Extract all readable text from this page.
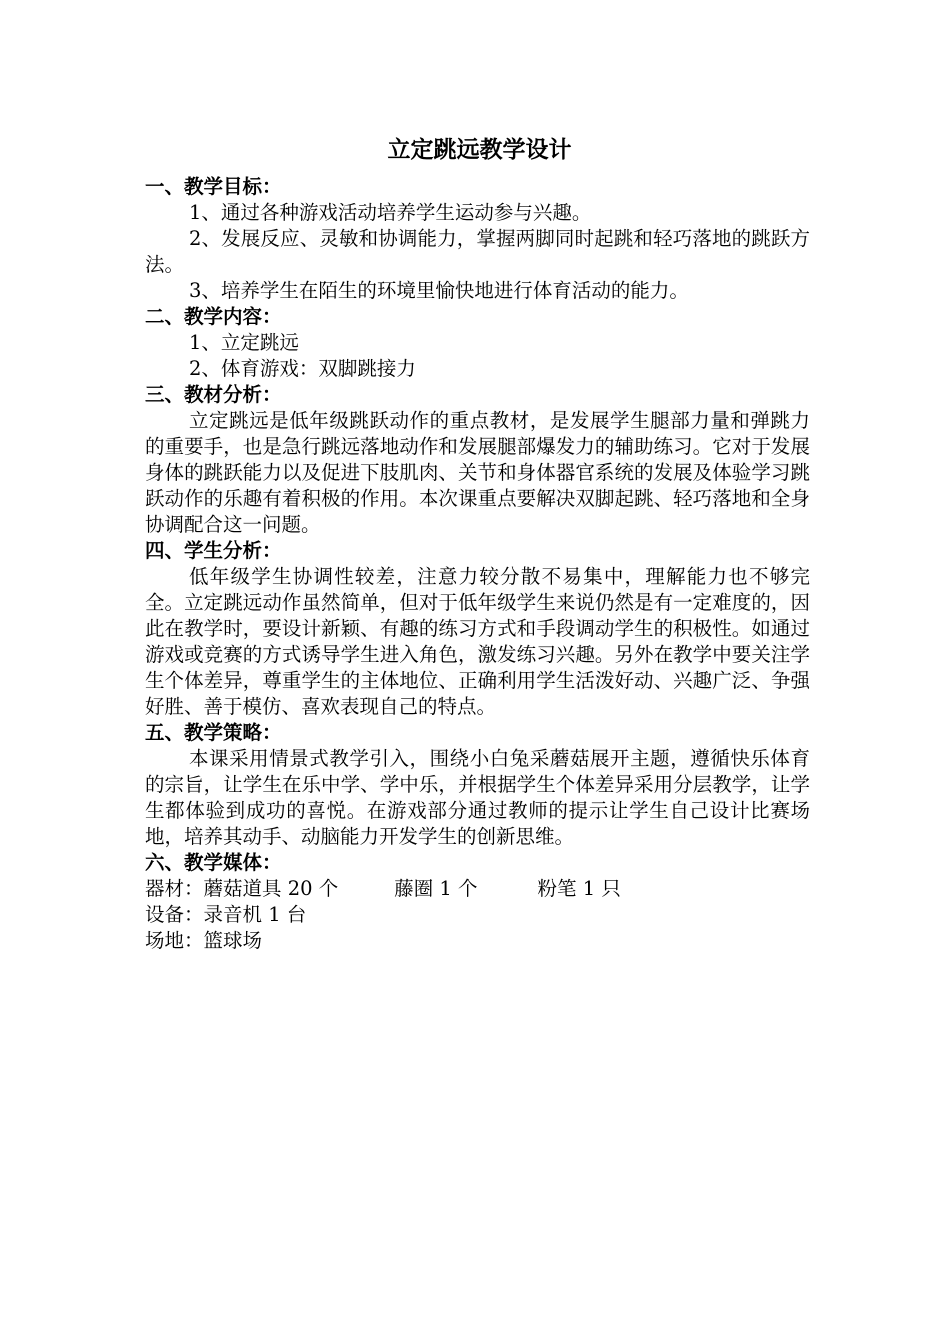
立定跳远教学设计
一、教学目标：
1、通过各种游戏活动培养学生运动参与兴趣。
2、发展反应、灵敏和协调能力，掌握两脚同时起跳和轻巧落地的跳跃方法。
3、培养学生在陌生的环境里愉快地进行体育活动的能力。
二、教学内容：
1、立定跳远
2、体育游戏：双脚跳接力
三、教材分析：
立定跳远是低年级跳跃动作的重点教材，是发展学生腿部力量和弹跳力的重要手，也是急行跳远落地动作和发展腿部爆发力的辅助练习。它对于发展身体的跳跃能力以及促进下肢肌肉、关节和身体器官系统的发展及体验学习跳跃动作的乐趣有着积极的作用。本次课重点要解决双脚起跳、轻巧落地和全身协调配合这一问题。
四、学生分析：
低年级学生协调性较差，注意力较分散不易集中，理解能力也不够完全。立定跳远动作虽然简单，但对于低年级学生来说仍然是有一定难度的，因此在教学时，要设计新颖、有趣的练习方式和手段调动学生的积极性。如通过游戏或竞赛的方式诱导学生进入角色，激发练习兴趣。另外在教学中要关注学生个体差异，尊重学生的主体地位、正确利用学生活泼好动、兴趣广泛、争强好胜、善于模仿、喜欢表现自己的特点。
五、教学策略：
本课采用情景式教学引入，围绕小白兔采蘑菇展开主题，遵循快乐体育的宗旨，让学生在乐中学、学中乐，并根据学生个体差异采用分层教学，让学生都体验到成功的喜悦。在游戏部分通过教师的提示让学生自己设计比赛场地，培养其动手、动脑能力开发学生的创新思维。
六、教学媒体：
器材： 蘑菇道具 20 个	藤圈 1 个	粉笔 1 只
设备：录音机 1 台
场地：篮球场
